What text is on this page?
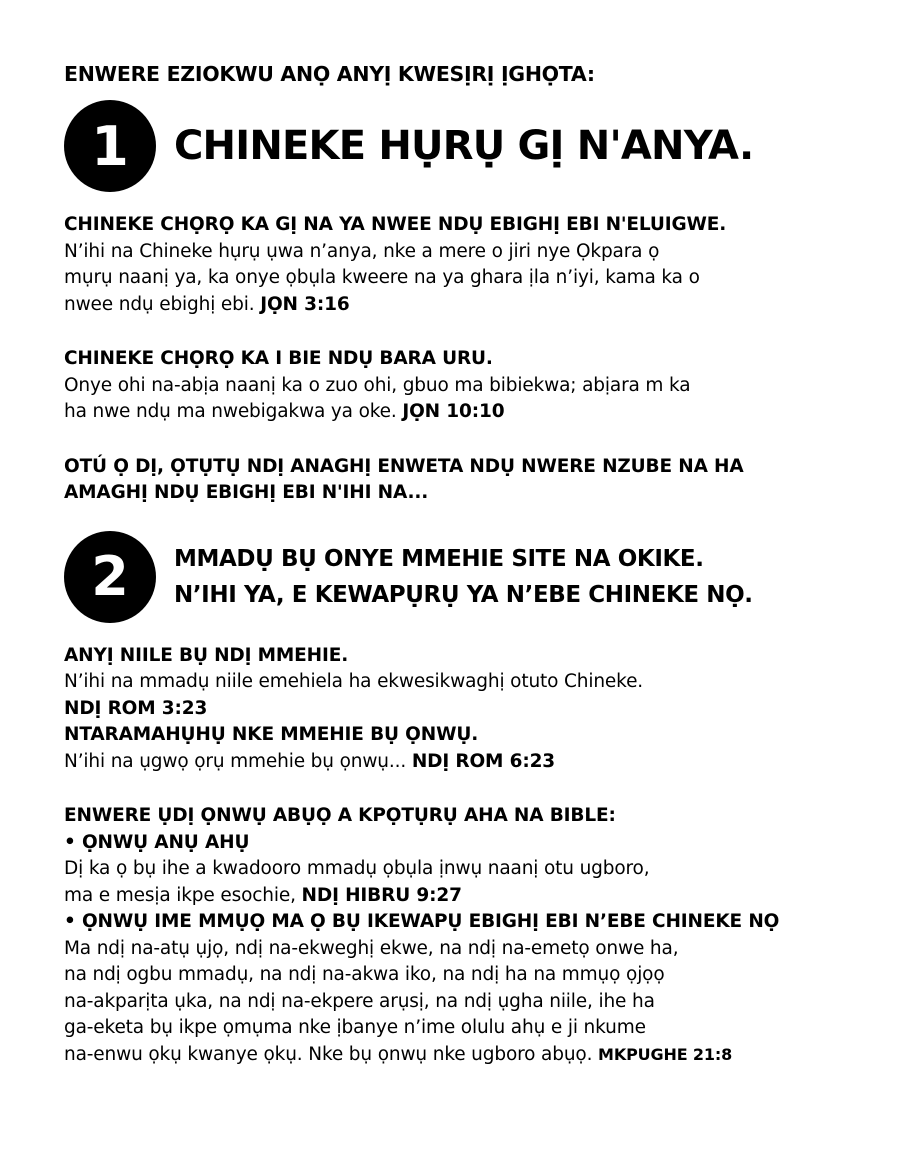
ENWERE EZIOKWU ANỌ ANYỊ KWESỊRỊ ỊGHỌTA:

1	CHINEKE HỤRỤ GỊ N'ANYA.
CHINEKE CHỌRỌ KA GỊ NA YA NWEE NDỤ EBIGHỊ EBI N'ELUIGWE.
N’ihi na Chineke hụrụ ụwa n’anya, nke a mere o jiri nye Ọkpara ọ
mụrụ naanị ya, ka onye ọbụla kweere na ya ghara ịla n’iyi, kama ka o
nwee ndụ ebighị ebi. JỌN 3:16
CHINEKE CHỌRỌ KA I BIE NDỤ BARA URU.
Onye ohi na-abịa naanị ka o zuo ohi, gbuo ma bibiekwa; abịara m ka
ha nwe ndụ ma nwebigakwa ya oke. JỌN 10:10
OTÚ Ọ DỊ, ỌTỤTỤ NDỊ ANAGHỊ ENWETA NDỤ NWERE NZUBE NA HA
AMAGHỊ NDỤ EBIGHỊ EBI N'IHI NA...
2	MMADỤ BỤ ONYE MMEHIE SITE NA OKIKE.
N’IHI YA, E KEWAPỤRỤ YA N’EBE CHINEKE NỌ.
ANYỊ NIILE BỤ NDỊ MMEHIE.
N’ihi na mmadụ niile emehiela ha ekwesikwaghị otuto Chineke.
NDỊ ROM 3:23
NTARAMAHỤHỤ NKE MMEHIE BỤ ỌNWỤ.
N’ihi na ụgwọ ọrụ mmehie bụ ọnwụ... NDỊ ROM 6:23
ENWERE ỤDỊ ỌNWỤ ABỤỌ A KPỌTỤRỤ AHA NA BIBLE:
• ỌNWỤ ANỤ AHỤ
Dị ka ọ bụ ihe a kwadooro mmadụ ọbụla ịnwụ naanị otu ugboro,
ma e mesịa ikpe esochie, NDỊ HIBRU 9:27
• ỌNWỤ IME MMỤỌ MA Ọ BỤ IKEWAPỤ EBIGHỊ EBI N’EBE CHINEKE NỌ
Ma ndị na-atụ ụjọ, ndị na-ekweghị ekwe, na ndị na-emetọ onwe ha,
na ndị ogbu mmadụ, na ndị na-akwa iko, na ndị ha na mmụọ ọjọọ
na-akparịta ụka, na ndị na-ekpere arụsị, na ndị ụgha niile, ihe ha
ga-eketa bụ ikpe ọmụma nke ịbanye n’ime olulu ahụ e ji nkume
na-enwu ọkụ kwanye ọkụ. Nke bụ ọnwụ nke ugboro abụọ. MKPUGHE 21:8
